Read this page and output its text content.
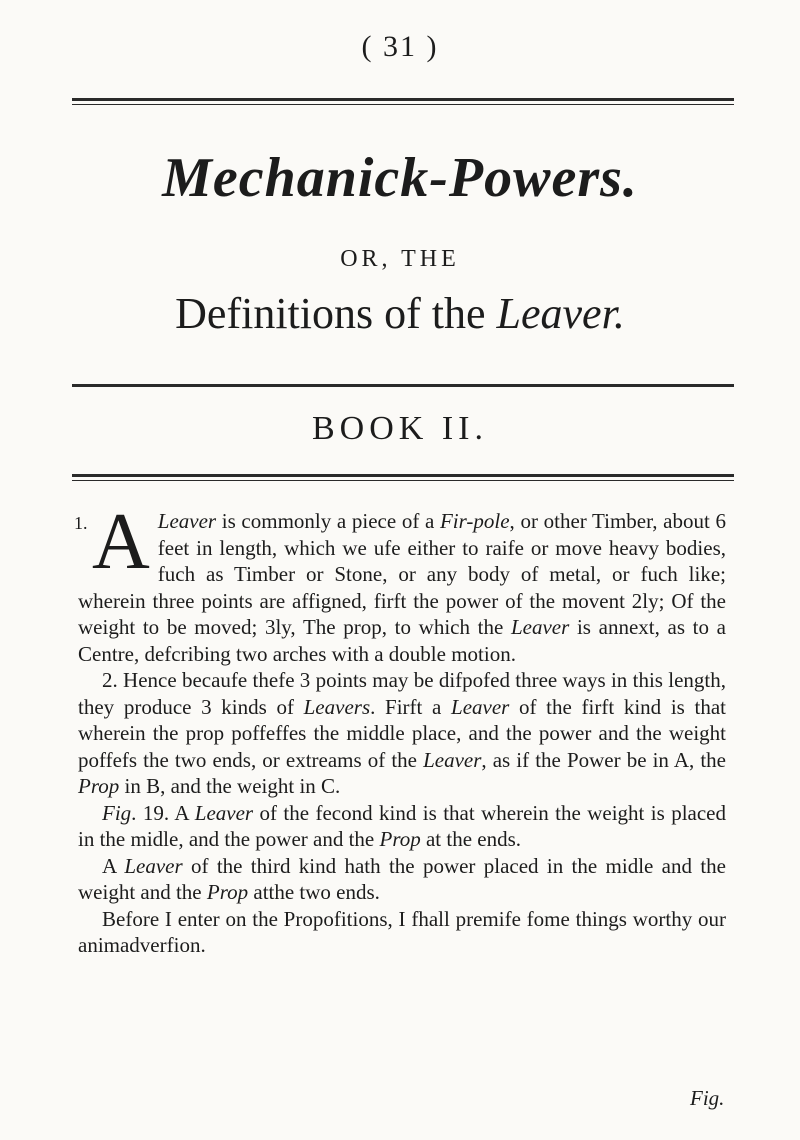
( 31 )
Mechanick-Powers.
OR, THE
Definitions of the Leaver.
BOOK II.

1. A Leaver is commonly a piece of a Fir-pole, or other Timber, about 6 feet in length, which we ufe either to raife or move heavy bodies, fuch as Timber or Stone, or any body of metal, or fuch like; wherein three points are affigned, firft the power of the movent 2ly; Of the weight to be moved; 3ly, The prop, to which the Leaver is annext, as to a Centre, defcribing two arches with a double motion.

2. Hence becaufe thefe 3 points may be difpofed three ways in this length, they produce 3 kinds of Leavers. Firft a Leaver of the firft kind is that wherein the prop poffeffes the middle place, and the power and the weight poffefs the two ends, or extreams of the Leaver, as if the Power be in A, the Prop in B, and the weight in C.

Fig. 19. A Leaver of the fecond kind is that wherein the weight is placed in the midle, and the power and the Prop at the ends.

A Leaver of the third kind hath the power placed in the midle and the weight and the Prop atthe two ends.

Before I enter on the Propofitions, I fhall premife fome things worthy our animadverfion.

Fig.
